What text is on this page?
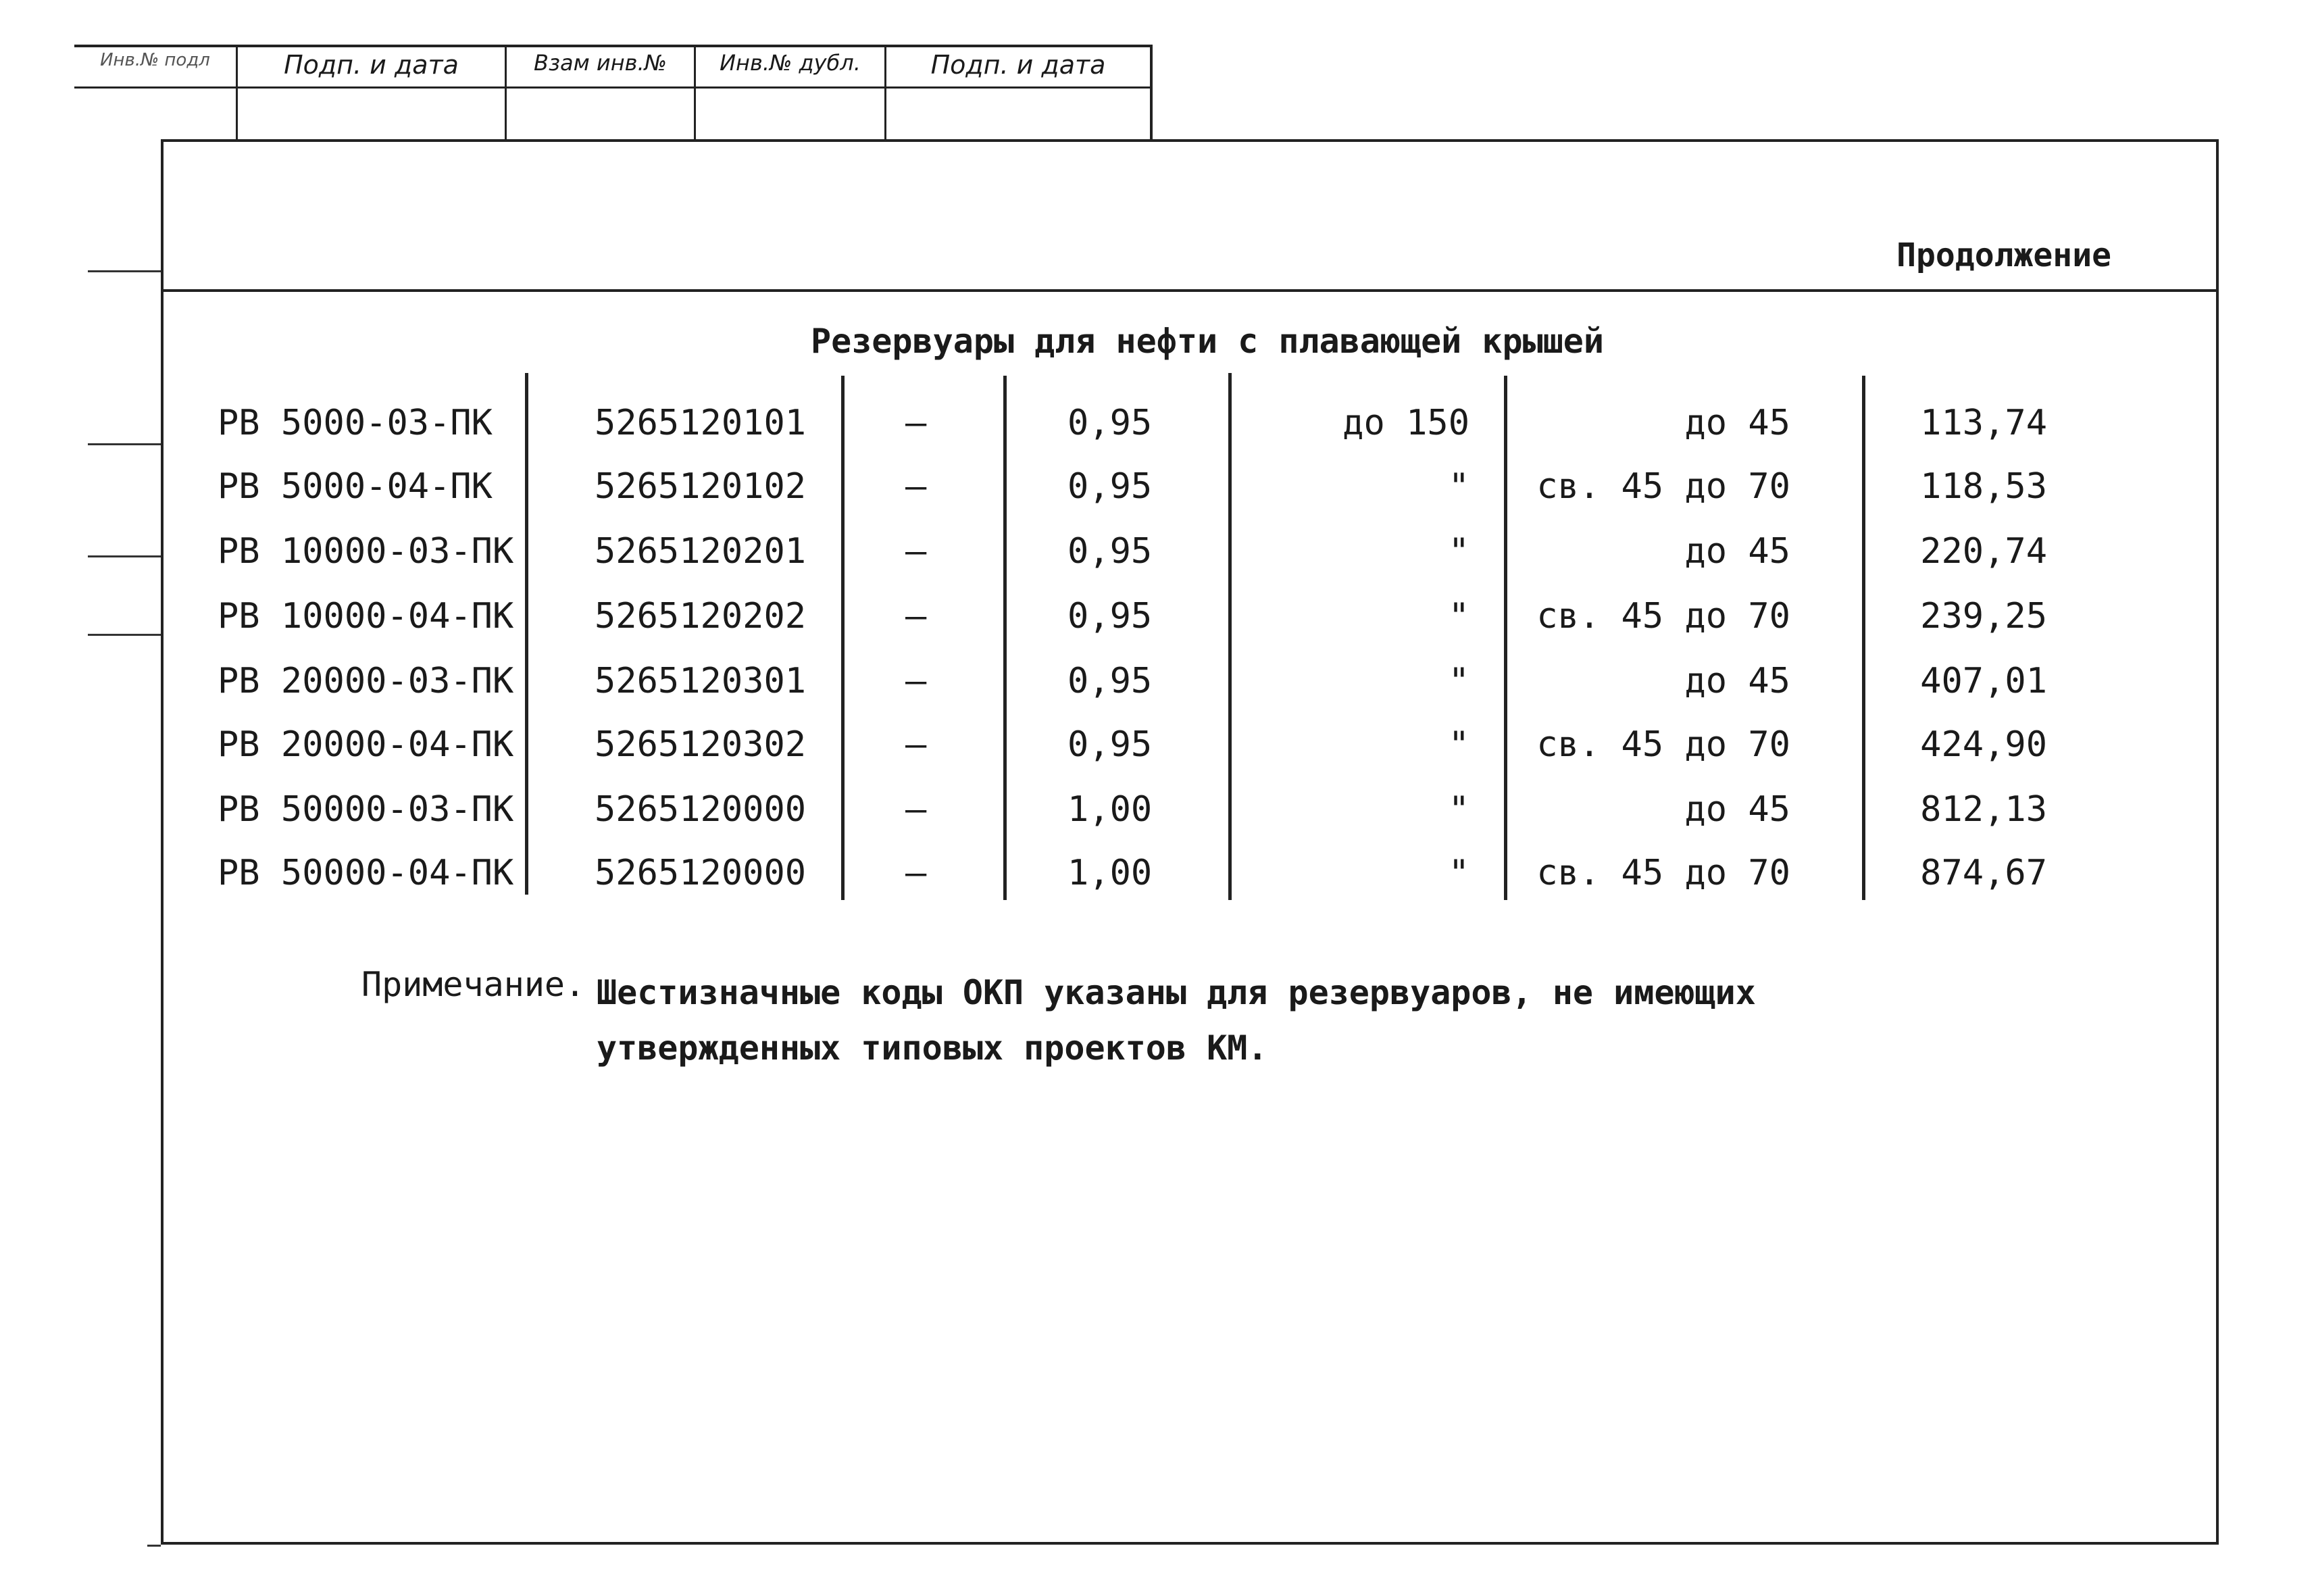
Инв.№ подл	Подп. и дата	Взам инв.№	Инв.№ дубл.	Подп. и дата
Продолжение
Резервуары для нефти с плавающей крышей
РВ 5000-03-ПК	5265120101	–	0,95	до 150	до 45	113,74
РВ 5000-04-ПК	5265120102	–	0,95	"	св. 45 до 70	118,53
РВ 10000-03-ПК 5265120201	–	0,95	"	до 45	220,74
РВ 10000-04-ПК 5265120202	–	0,95	"	св. 45 до 70	239,25
РВ 20000-03-ПК 5265120301	–	0,95	"	до 45	407,01
РВ 20000-04-ПК 5265120302	–	0,95	"	св. 45 до 70	424,90
РВ 50000-03-ПК 5265120000	–	1,00	"	до 45	812,13
РВ 50000-04-ПК 5265120000	–	1,00	"	св. 45 до 70	874,67
Примечание. Шестизначные коды ОКП указаны для резервуаров, не имеющих
утвержденных типовых проектов КМ.
